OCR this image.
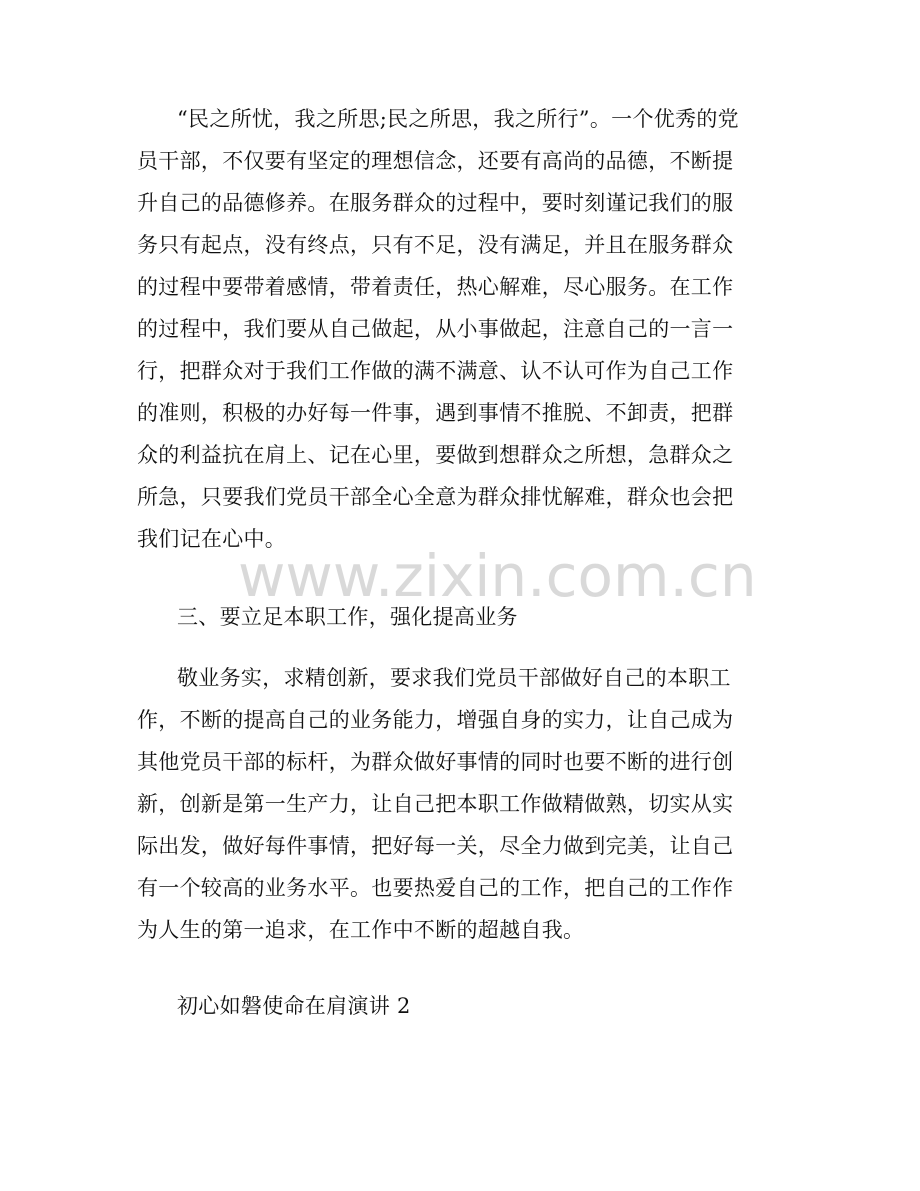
“民之所忧，我之所思;民之所思，我之所行”。一个优秀的党
员干部，不仅要有坚定的理想信念，还要有高尚的品德，不断提
升自己的品德修养。在服务群众的过程中，要时刻谨记我们的服
务只有起点，没有终点，只有不足，没有满足，并且在服务群众
的过程中要带着感情，带着责任，热心解难，尽心服务。在工作
的过程中，我们要从自己做起，从小事做起，注意自己的一言一
行，把群众对于我们工作做的满不满意、认不认可作为自己工作
的准则，积极的办好每一件事，遇到事情不推脱、不卸责，把群
众的利益抗在肩上、记在心里，要做到想群众之所想，急群众之
所急，只要我们党员干部全心全意为群众排忧解难，群众也会把
我们记在心中。
www.zixin.com.cn
三、要立足本职工作，强化提高业务
敬业务实，求精创新，要求我们党员干部做好自己的本职工
作，不断的提高自己的业务能力，增强自身的实力，让自己成为
其他党员干部的标杆，为群众做好事情的同时也要不断的进行创
新，创新是第一生产力，让自己把本职工作做精做熟，切实从实
际出发，做好每件事情，把好每一关，尽全力做到完美，让自己
有一个较高的业务水平。也要热爱自己的工作，把自己的工作作
为人生的第一追求，在工作中不断的超越自我。
初心如磐使命在肩演讲 2
